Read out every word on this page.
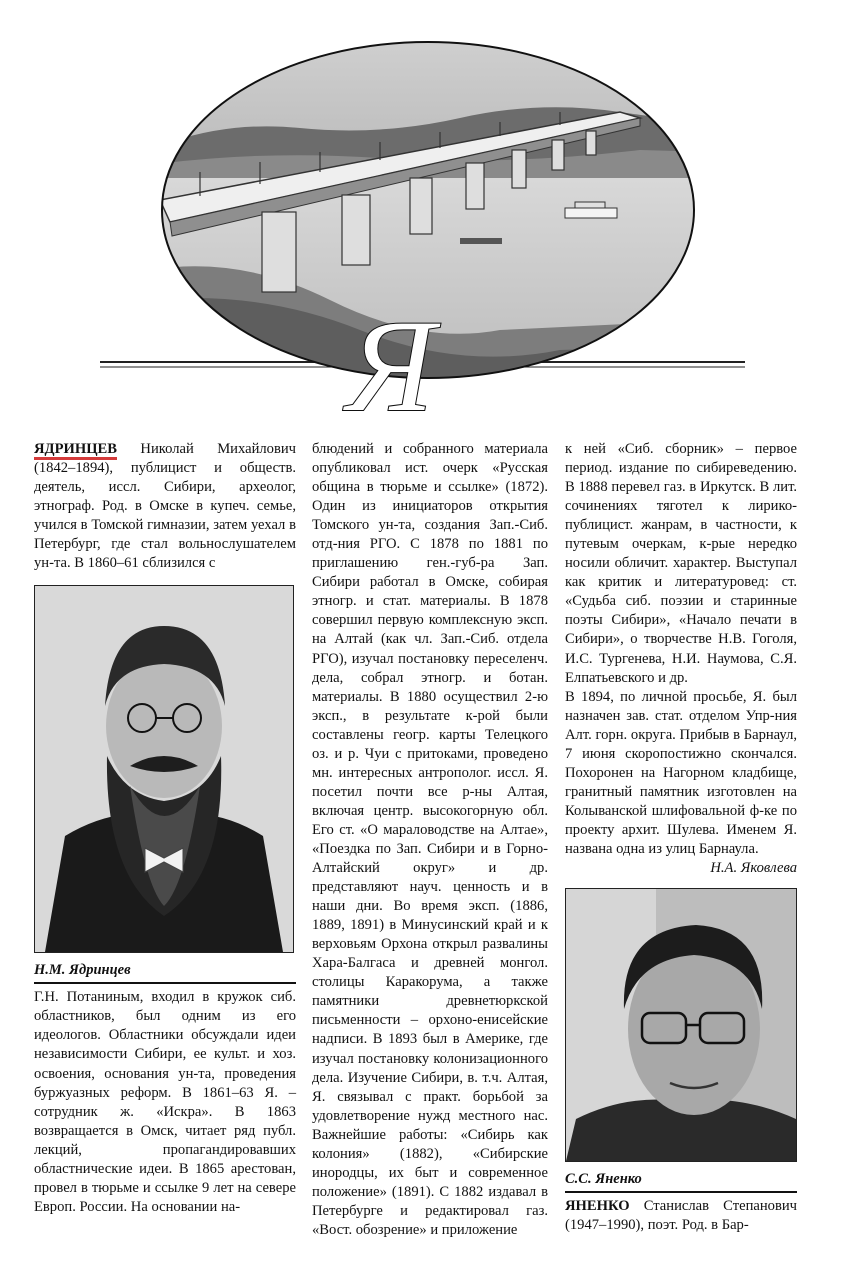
Я

ЯДРИНЦЕВ Николай Михайлович (1842–1894), публицист и обществ. деятель, иссл. Сибири, археолог, этнограф. Род. в Омске в купеч. семье, учился в Томской гимназии, затем уехал в Петербург, где стал вольнослушателем ун-та. В 1860–61 сблизился с

Н.М. Ядринцев

Г.Н. Потаниным, входил в кружок сиб. областников, был одним из его идеологов. Областники обсуждали идеи независимости Сибири, ее культ. и хоз. освоения, основания ун-та, проведения буржуазных реформ. В 1861–63 Я. – сотрудник ж. «Искра». В 1863 возвращается в Омск, читает ряд публ. лекций, пропагандировавших областнические идеи. В 1865 арестован, провел в тюрьме и ссылке 9 лет на севере Европ. России. На основании на-

блюдений и собранного материала опубликовал ист. очерк «Русская община в тюрьме и ссылке» (1872). Один из инициаторов открытия Томского ун-та, создания Зап.-Сиб. отд-ния РГО. С 1878 по 1881 по приглашению ген.-губ-ра Зап. Сибири работал в Омске, собирая этногр. и стат. материалы. В 1878 совершил первую комплексную эксп. на Алтай (как чл. Зап.-Сиб. отдела РГО), изучал постановку переселенч. дела, собрал этногр. и ботан. материалы. В 1880 осуществил 2-ю эксп., в результате к-рой были составлены геогр. карты Телецкого оз. и р. Чуи с притоками, проведено мн. интересных антрополог. иссл. Я. посетил почти все р-ны Алтая, включая центр. высокогорную обл. Его ст. «О мараловодстве на Алтае», «Поездка по Зап. Сибири и в Горно-Алтайский округ» и др. представляют науч. ценность и в наши дни. Во время эксп. (1886, 1889, 1891) в Минусинский край и к верховьям Орхона открыл развалины Хара-Балгаса и древней монгол. столицы Каракорума, а также памятники древнетюркской письменности – орхоно-енисейские надписи. В 1893 был в Америке, где изучал постановку колонизационного дела. Изучение Сибири, в. т.ч. Алтая, Я. связывал с практ. борьбой за удовлетворение нужд местного нас. Важнейшие работы: «Сибирь как колония» (1882), «Сибирские инородцы, их быт и современное положение» (1891). С 1882 издавал в Петербурге и редактировал газ. «Вост. обозрение» и приложение

к ней «Сиб. сборник» – первое период. издание по сибиреведению. В 1888 перевел газ. в Иркутск. В лит. сочинениях тяготел к лирико-публицист. жанрам, в частности, к путевым очеркам, к-рые нередко носили обличит. характер. Выступал как критик и литературовед: ст. «Судьба сиб. поэзии и старинные поэты Сибири», «Начало печати в Сибири», о творчестве Н.В. Гоголя, И.С. Тургенева, Н.И. Наумова, С.Я. Елпатьевского и др.

В 1894, по личной просьбе, Я. был назначен зав. стат. отделом Упр-ния Алт. горн. округа. Прибыв в Барнаул, 7 июня скоропостижно скончался. Похоронен на Нагорном кладбище, гранитный памятник изготовлен на Колыванской шлифовальной ф-ке по проекту архит. Шулева. Именем Я. названа одна из улиц Барнаула.

Н.А. Яковлева
С.С. Яненко

ЯНЕНКО Станислав Степанович (1947–1990), поэт. Род. в Бар-
